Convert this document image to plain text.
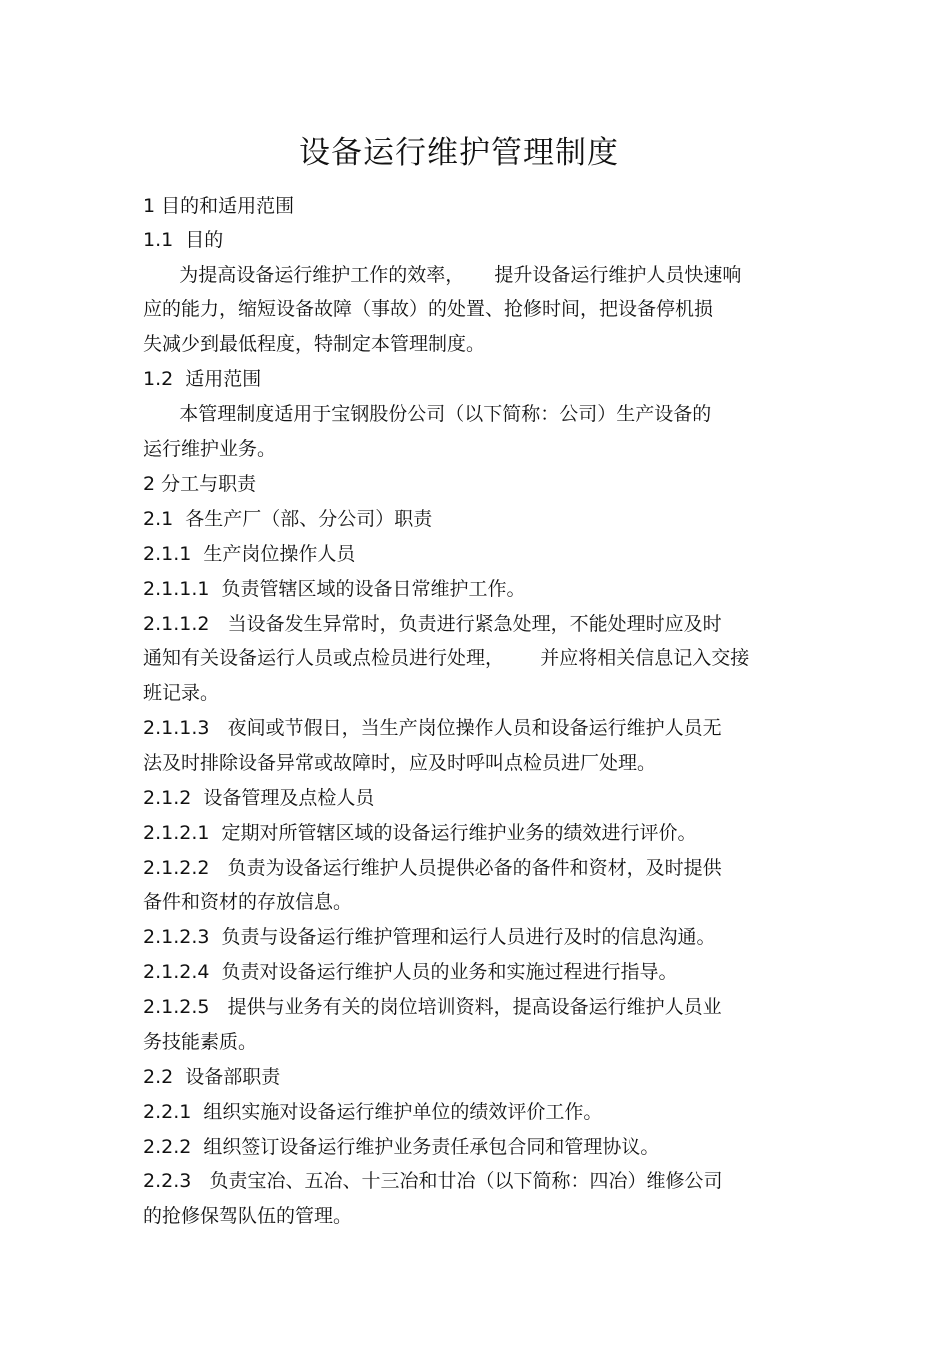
设备运行维护管理制度
1 目的和适用范围
1.1  目的
为提高设备运行维护工作的效率，     提升设备运行维护人员快速响
应的能力，缩短设备故障（事故）的处置、抢修时间，把设备停机损
失减少到最低程度，特制定本管理制度。
1.2  适用范围
本管理制度适用于宝钢股份公司（以下简称：公司）生产设备的
运行维护业务。
2 分工与职责
2.1  各生产厂（部、分公司）职责
2.1.1  生产岗位操作人员
2.1.1.1  负责管辖区域的设备日常维护工作。
2.1.1.2   当设备发生异常时，负责进行紧急处理，不能处理时应及时
通知有关设备运行人员或点检员进行处理，      并应将相关信息记入交接
班记录。
2.1.1.3   夜间或节假日，当生产岗位操作人员和设备运行维护人员无
法及时排除设备异常或故障时，应及时呼叫点检员进厂处理。
2.1.2  设备管理及点检人员
2.1.2.1  定期对所管辖区域的设备运行维护业务的绩效进行评价。
2.1.2.2   负责为设备运行维护人员提供必备的备件和资材，及时提供
备件和资材的存放信息。
2.1.2.3  负责与设备运行维护管理和运行人员进行及时的信息沟通。
2.1.2.4  负责对设备运行维护人员的业务和实施过程进行指导。
2.1.2.5   提供与业务有关的岗位培训资料，提高设备运行维护人员业
务技能素质。
2.2  设备部职责
2.2.1  组织实施对设备运行维护单位的绩效评价工作。
2.2.2  组织签订设备运行维护业务责任承包合同和管理协议。
2.2.3   负责宝冶、五冶、十三冶和廿冶（以下简称：四冶）维修公司
的抢修保驾队伍的管理。
